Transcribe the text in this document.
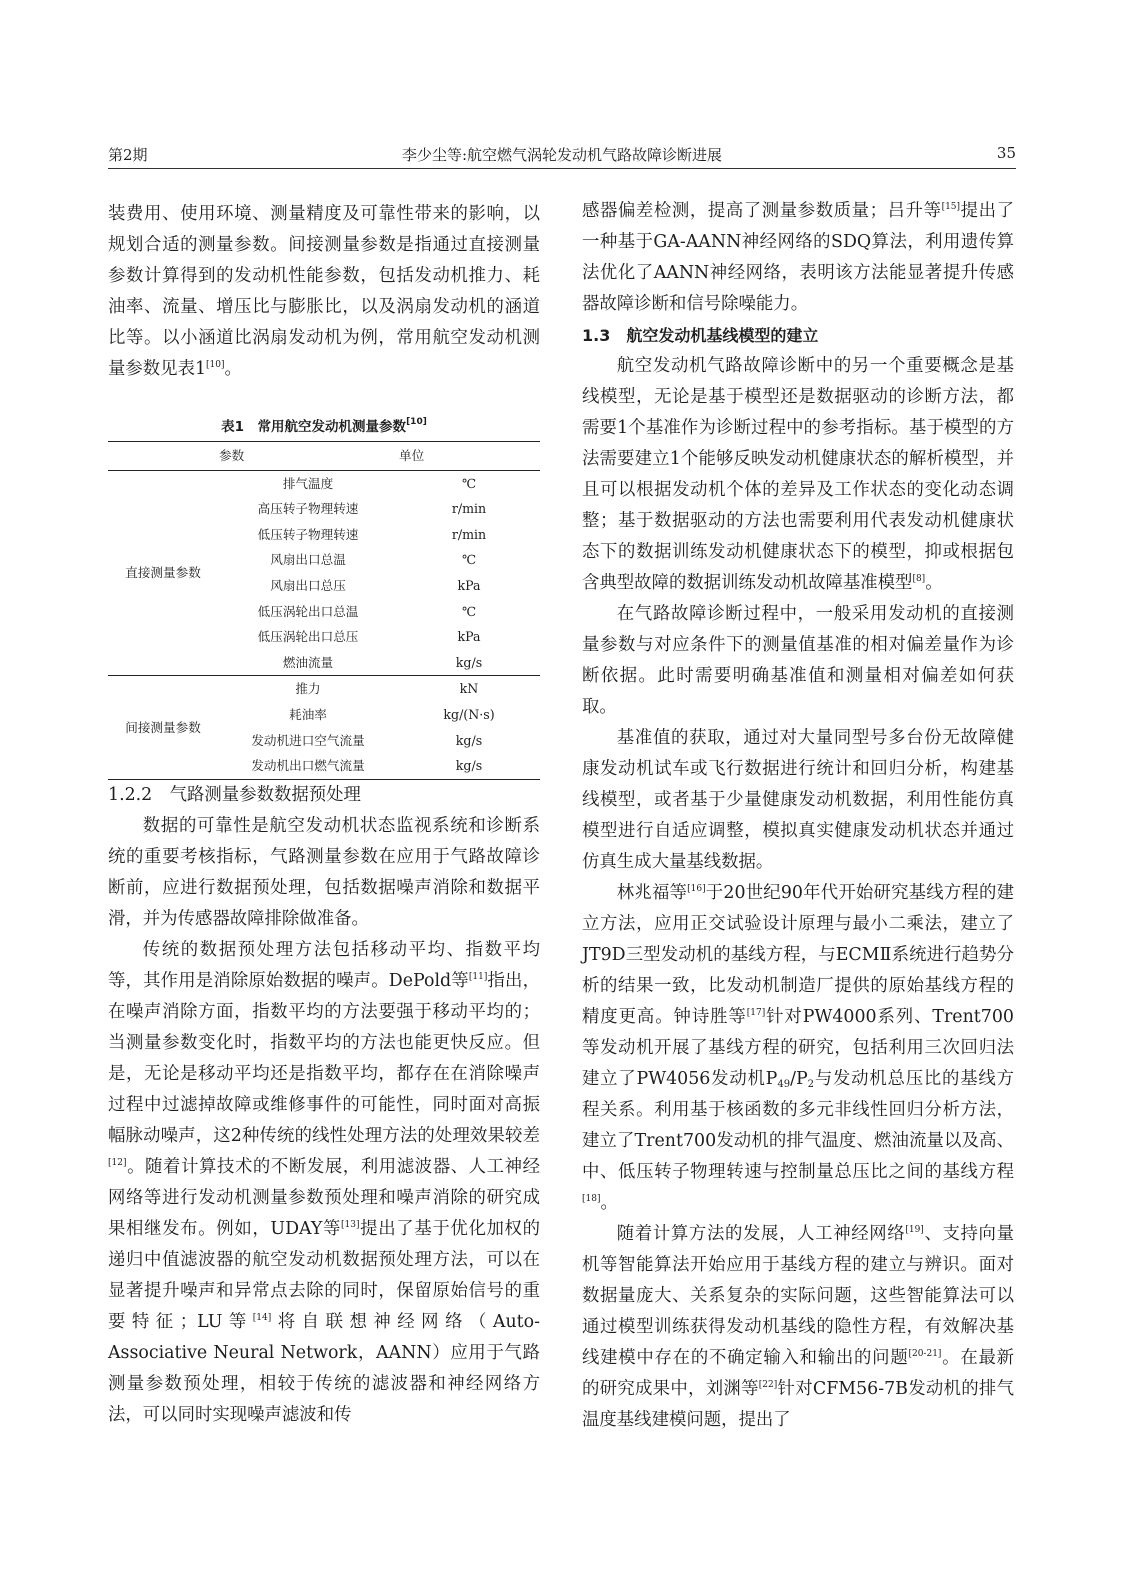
第2期	李少尘等:航空燃气涡轮发动机气路故障诊断进展	35

装费用、使用环境、测量精度及可靠性带来的影响，以规划合适的测量参数。间接测量参数是指通过直接测量参数计算得到的发动机性能参数，包括发动机推力、耗油率、流量、增压比与膨胀比，以及涡扇发动机的涵道比等。以小涵道比涡扇发动机为例，常用航空发动机测量参数见表1[10]。

表1　常用航空发动机测量参数[10]
	参数	单位
直接测量参数	排气温度	℃
	高压转子物理转速	r/min
	低压转子物理转速	r/min
	风扇出口总温	℃
	风扇出口总压	kPa
	低压涡轮出口总温	℃
	低压涡轮出口总压	kPa
	燃油流量	kg/s
间接测量参数	推力	kN
	耗油率	kg/(N·s)
	发动机进口空气流量	kg/s
	发动机出口燃气流量	kg/s

1.2.2　气路测量参数数据预处理

数据的可靠性是航空发动机状态监视系统和诊断系统的重要考核指标，气路测量参数在应用于气路故障诊断前，应进行数据预处理，包括数据噪声消除和数据平滑，并为传感器故障排除做准备。

传统的数据预处理方法包括移动平均、指数平均等，其作用是消除原始数据的噪声。DePold等[11]指出，在噪声消除方面，指数平均的方法要强于移动平均的；当测量参数变化时，指数平均的方法也能更快反应。但是，无论是移动平均还是指数平均，都存在在消除噪声过程中过滤掉故障或维修事件的可能性，同时面对高振幅脉动噪声，这2种传统的线性处理方法的处理效果较差[12]。随着计算技术的不断发展，利用滤波器、人工神经网络等进行发动机测量参数预处理和噪声消除的研究成果相继发布。例如，UDAY等[13]提出了基于优化加权的递归中值滤波器的航空发动机数据预处理方法，可以在显著提升噪声和异常点去除的同时，保留原始信号的重要特征；LU等[14]将自联想神经网络（Auto-Associative Neural Network，AANN）应用于气路测量参数预处理，相较于传统的滤波器和神经网络方法，可以同时实现噪声滤波和传

感器偏差检测，提高了测量参数质量；吕升等[15]提出了一种基于GA-AANN神经网络的SDQ算法，利用遗传算法优化了AANN神经网络，表明该方法能显著提升传感器故障诊断和信号除噪能力。

1.3　航空发动机基线模型的建立

航空发动机气路故障诊断中的另一个重要概念是基线模型，无论是基于模型还是数据驱动的诊断方法，都需要1个基准作为诊断过程中的参考指标。基于模型的方法需要建立1个能够反映发动机健康状态的解析模型，并且可以根据发动机个体的差异及工作状态的变化动态调整；基于数据驱动的方法也需要利用代表发动机健康状态下的数据训练发动机健康状态下的模型，抑或根据包含典型故障的数据训练发动机故障基准模型[8]。

在气路故障诊断过程中，一般采用发动机的直接测量参数与对应条件下的测量值基准的相对偏差量作为诊断依据。此时需要明确基准值和测量相对偏差如何获取。

基准值的获取，通过对大量同型号多台份无故障健康发动机试车或飞行数据进行统计和回归分析，构建基线模型，或者基于少量健康发动机数据，利用性能仿真模型进行自适应调整，模拟真实健康发动机状态并通过仿真生成大量基线数据。

林兆福等[16]于20世纪90年代开始研究基线方程的建立方法，应用正交试验设计原理与最小二乘法，建立了JT9D三型发动机的基线方程，与ECMⅡ系统进行趋势分析的结果一致，比发动机制造厂提供的原始基线方程的精度更高。钟诗胜等[17]针对PW4000系列、Trent700等发动机开展了基线方程的研究，包括利用三次回归法建立了PW4056发动机$P_{49}/P_2$与发动机总压比的基线方程关系。利用基于核函数的多元非线性回归分析方法，建立了Trent700发动机的排气温度、燃油流量以及高、中、低压转子物理转速与控制量总压比之间的基线方程[18]。

随着计算方法的发展，人工神经网络[19]、支持向量机等智能算法开始应用于基线方程的建立与辨识。面对数据量庞大、关系复杂的实际问题，这些智能算法可以通过模型训练获得发动机基线的隐性方程，有效解决基线建模中存在的不确定输入和输出的问题[20-21]。在最新的研究成果中，刘渊等[22]针对CFM56-7B发动机的排气温度基线建模问题，提出了
